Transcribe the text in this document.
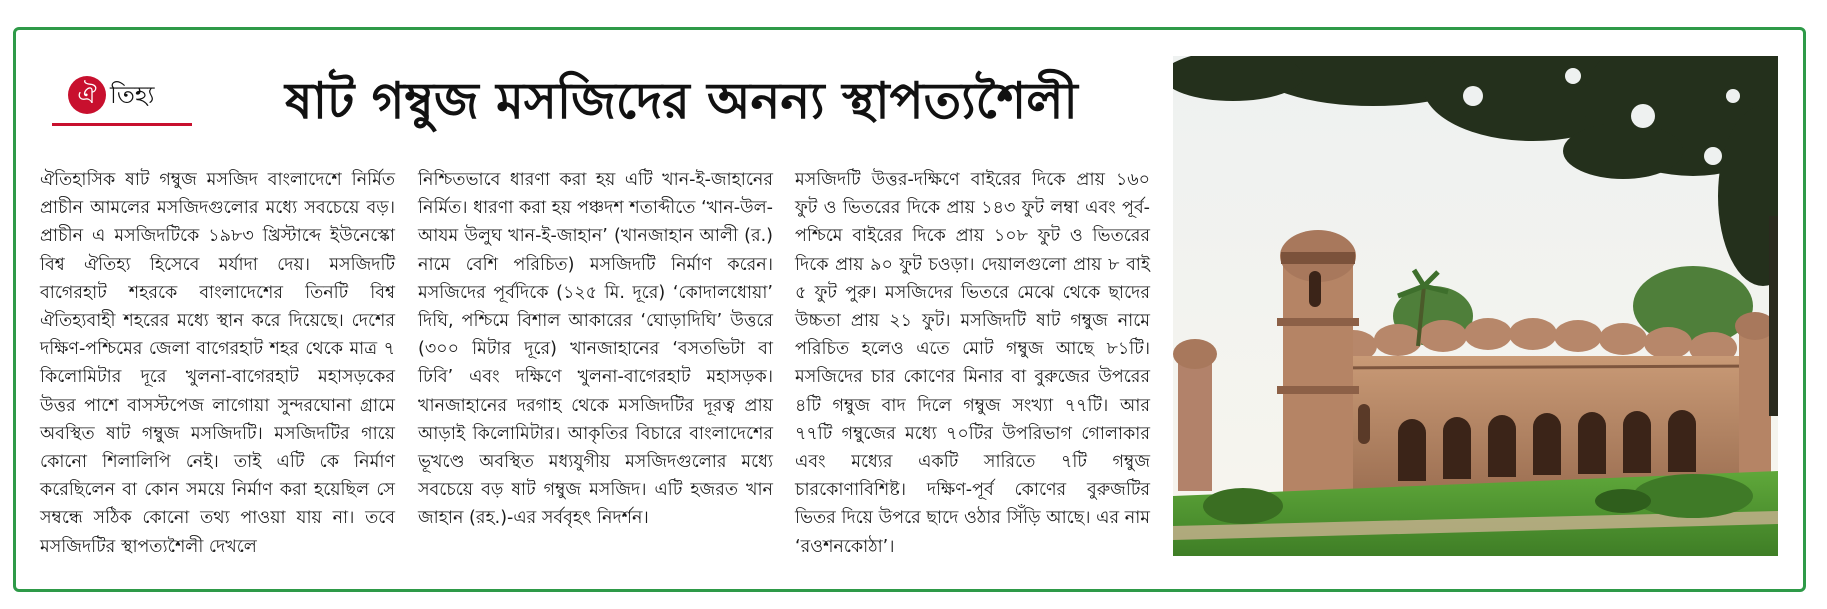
ঐ তিহ্য	ষাট গম্বুজ মসজিদের অনন্য স্থাপত্যশৈলী

ঐতিহাসিক ষাট গম্বুজ মসজিদ বাংলাদেশে নির্মিত প্রাচীন আমলের মসজিদগুলোর মধ্যে সবচেয়ে বড়। প্রাচীন এ মসজিদটিকে ১৯৮৩ খ্রিস্টাব্দে ইউনেস্কো বিশ্ব ঐতিহ্য হিসেবে মর্যাদা দেয়। মসজিদটি বাগেরহাট শহরকে বাংলাদেশের তিনটি বিশ্ব ঐতিহ্যবাহী শহরের মধ্যে স্থান করে দিয়েছে। দেশের দক্ষিণ-পশ্চিমের জেলা বাগেরহাট শহর থেকে মাত্র ৭ কিলোমিটার দূরে খুলনা-বাগেরহাট মহাসড়কের উত্তর পাশে বাসস্টপেজ লাগোয়া সুন্দরঘোনা গ্রামে অবস্থিত ষাট গম্বুজ মসজিদটি। মসজিদটির গায়ে কোনো শিলালিপি নেই। তাই এটি কে নির্মাণ করেছিলেন বা কোন সময়ে নির্মাণ করা হয়েছিল সে সম্বন্ধে সঠিক কোনো তথ্য পাওয়া যায় না। তবে মসজিদটির স্থাপত্যশৈলী দেখলে

নিশ্চিতভাবে ধারণা করা হয় এটি খান-ই-জাহানের নির্মিত। ধারণা করা হয় পঞ্চদশ শতাব্দীতে ‘খান-উল-আযম উলুঘ খান-ই-জাহান’ (খানজাহান আলী (র.) নামে বেশি পরিচিত) মসজিদটি নির্মাণ করেন। মসজিদের পূর্বদিকে (১২৫ মি. দূরে) ‘কোদালধোয়া’ দিঘি, পশ্চিমে বিশাল আকারের ‘ঘোড়াদিঘি’ উত্তরে (৩০০ মিটার দূরে) খানজাহানের ‘বসতভিটা বা ঢিবি’ এবং দক্ষিণে খুলনা-বাগেরহাট মহাসড়ক। খানজাহানের দরগাহ থেকে মসজিদটির দূরত্ব প্রায় আড়াই কিলোমিটার। আকৃতির বিচারে বাংলাদেশের ভূখণ্ডে অবস্থিত মধ্যযুগীয় মসজিদগুলোর মধ্যে সবচেয়ে বড় ষাট গম্বুজ মসজিদ। এটি হজরত খান জাহান (রহ.)-এর সর্ববৃহৎ নিদর্শন।

মসজিদটি উত্তর-দক্ষিণে বাইরের দিকে প্রায় ১৬০ ফুট ও ভিতরের দিকে প্রায় ১৪৩ ফুট লম্বা এবং পূর্ব-পশ্চিমে বাইরের দিকে প্রায় ১০৮ ফুট ও ভিতরের দিকে প্রায় ৯০ ফুট চওড়া। দেয়ালগুলো প্রায় ৮ বাই ৫ ফুট পুরু। মসজিদের ভিতরে মেঝে থেকে ছাদের উচ্চতা প্রায় ২১ ফুট। মসজিদটি ষাট গম্বুজ নামে পরিচিত হলেও এতে মোট গম্বুজ আছে ৮১টি। মসজিদের চার কোণের মিনার বা বুরুজের উপরের ৪টি গম্বুজ বাদ দিলে গম্বুজ সংখ্যা ৭৭টি। আর ৭৭টি গম্বুজের মধ্যে ৭০টির উপরিভাগ গোলাকার এবং মধ্যের একটি সারিতে ৭টি গম্বুজ চারকোণাবিশিষ্ট। দক্ষিণ-পূর্ব কোণের বুরুজটির ভিতর দিয়ে উপরে ছাদে ওঠার সিঁড়ি আছে। এর নাম ‘রওশনকোঠা’।
